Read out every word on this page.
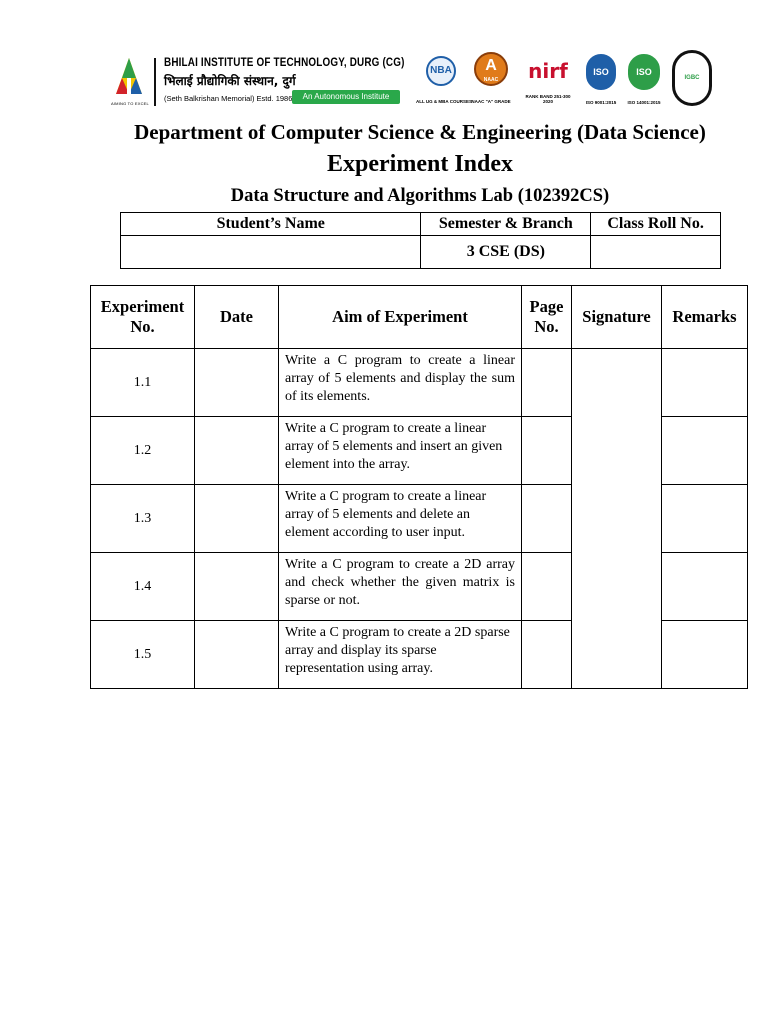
AIMING TO EXCEL
BHILAI INSTITUTE OF TECHNOLOGY, DURG (CG)
भिलाई प्रौद्योगिकी संस्थान, दुर्ग
(Seth Balkrishan Memorial) Estd. 1986	An Autonomous Institute
NBA
ALL UG & MBA COURSES
A
NAAC
NAAC "A" GRADE
nirf
RANK BAND 251-300 2020
ISO
ISO 9001:2015
ISO
ISO 14001:2015
IGBC
Department of Computer Science & Engineering (Data Science)
Experiment Index
Data Structure and Algorithms Lab (102392CS)
Student’s Name	Semester & Branch	Class Roll No.
	3 CSE (DS)	
Experiment No.	Date	Aim of Experiment	Page No.	Signature	Remarks
1.1		Write a C program to create a linear array of 5 elements and display the sum of its elements.			
1.2		Write a C program to create a linear array of 5 elements and insert an given element into the array.			
1.3		Write a C program to create a linear array of 5 elements and delete an element according to user input.			
1.4		Write a C program to create a 2D array and check whether the given matrix is sparse or not.			
1.5		Write a C program to create a 2D sparse array and display its sparse representation using array.			
